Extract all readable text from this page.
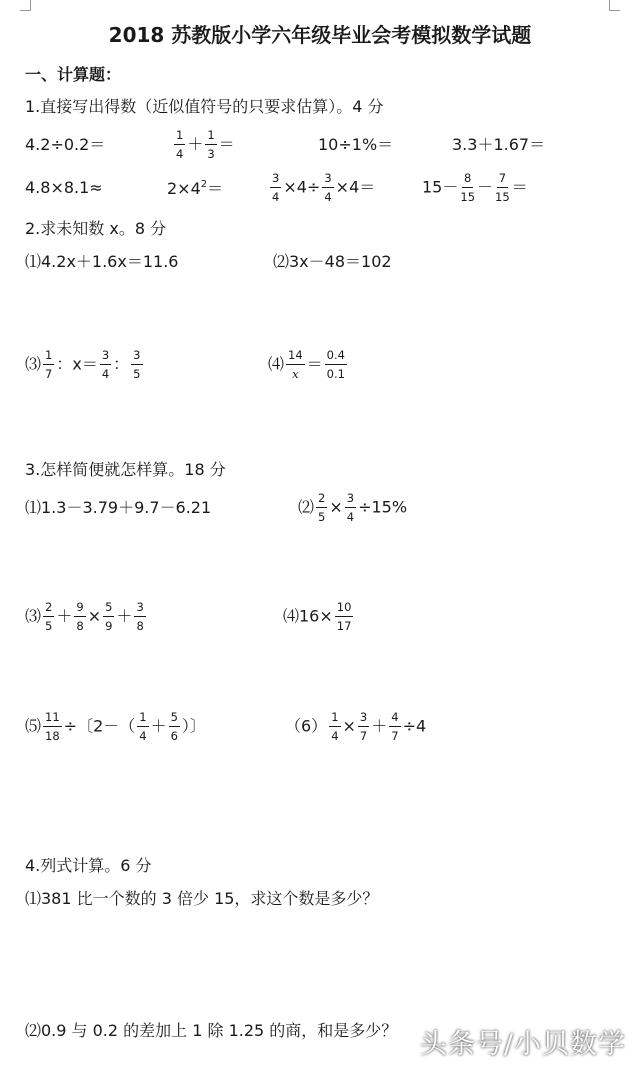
2018 苏教版小学六年级毕业会考模拟数学试题
一、计算题：
1.直接写出得数（近似值符号的只要求估算）。4 分
4.2÷0.2＝	$\frac{1}{4} + \frac{1}{3}$ ＝	10÷1%＝	3.3＋1.67＝
4.8×8.1≈	$2\times 4^2=$	$\frac{3}{4} \times 4\div \frac{3}{4} \times 4=$	$15- \frac{8}{15} - \frac{7}{15}$ ＝
2.求未知数 x。8 分
⑴4.2x＋1.6x＝11.6	⑵3x－48＝102
⑶ $\frac{1}{7}$ ：$x= \frac{3}{4}$ ： $\frac{3}{5}$	⑷ $\frac{14}{x} = \frac{0.4}{0.1}$
3.怎样简便就怎样算。18 分
⑴1.3－3.79＋9.7－6.21	⑵ $\frac{2}{5} \times \frac{3}{4} \div 15\%$
⑶ $\frac{2}{5} + \frac{9}{8} \times \frac{5}{9} + \frac{3}{8}$	⑷16× $\frac{10}{17}$
⑸ $\frac{11}{18}$ ÷〔$2-( \frac{1}{4} + \frac{5}{6}$ ）〕	$(6) \frac{1}{4} \times \frac{3}{7} + \frac{4}{7} \div 4$
4.列式计算。6 分
⑴381 比一个数的 3 倍少 15，求这个数是多少？
⑵0.9 与 0.2 的差加上 1 除 1.25 的商，和是多少？ 头条号/小贝数学
